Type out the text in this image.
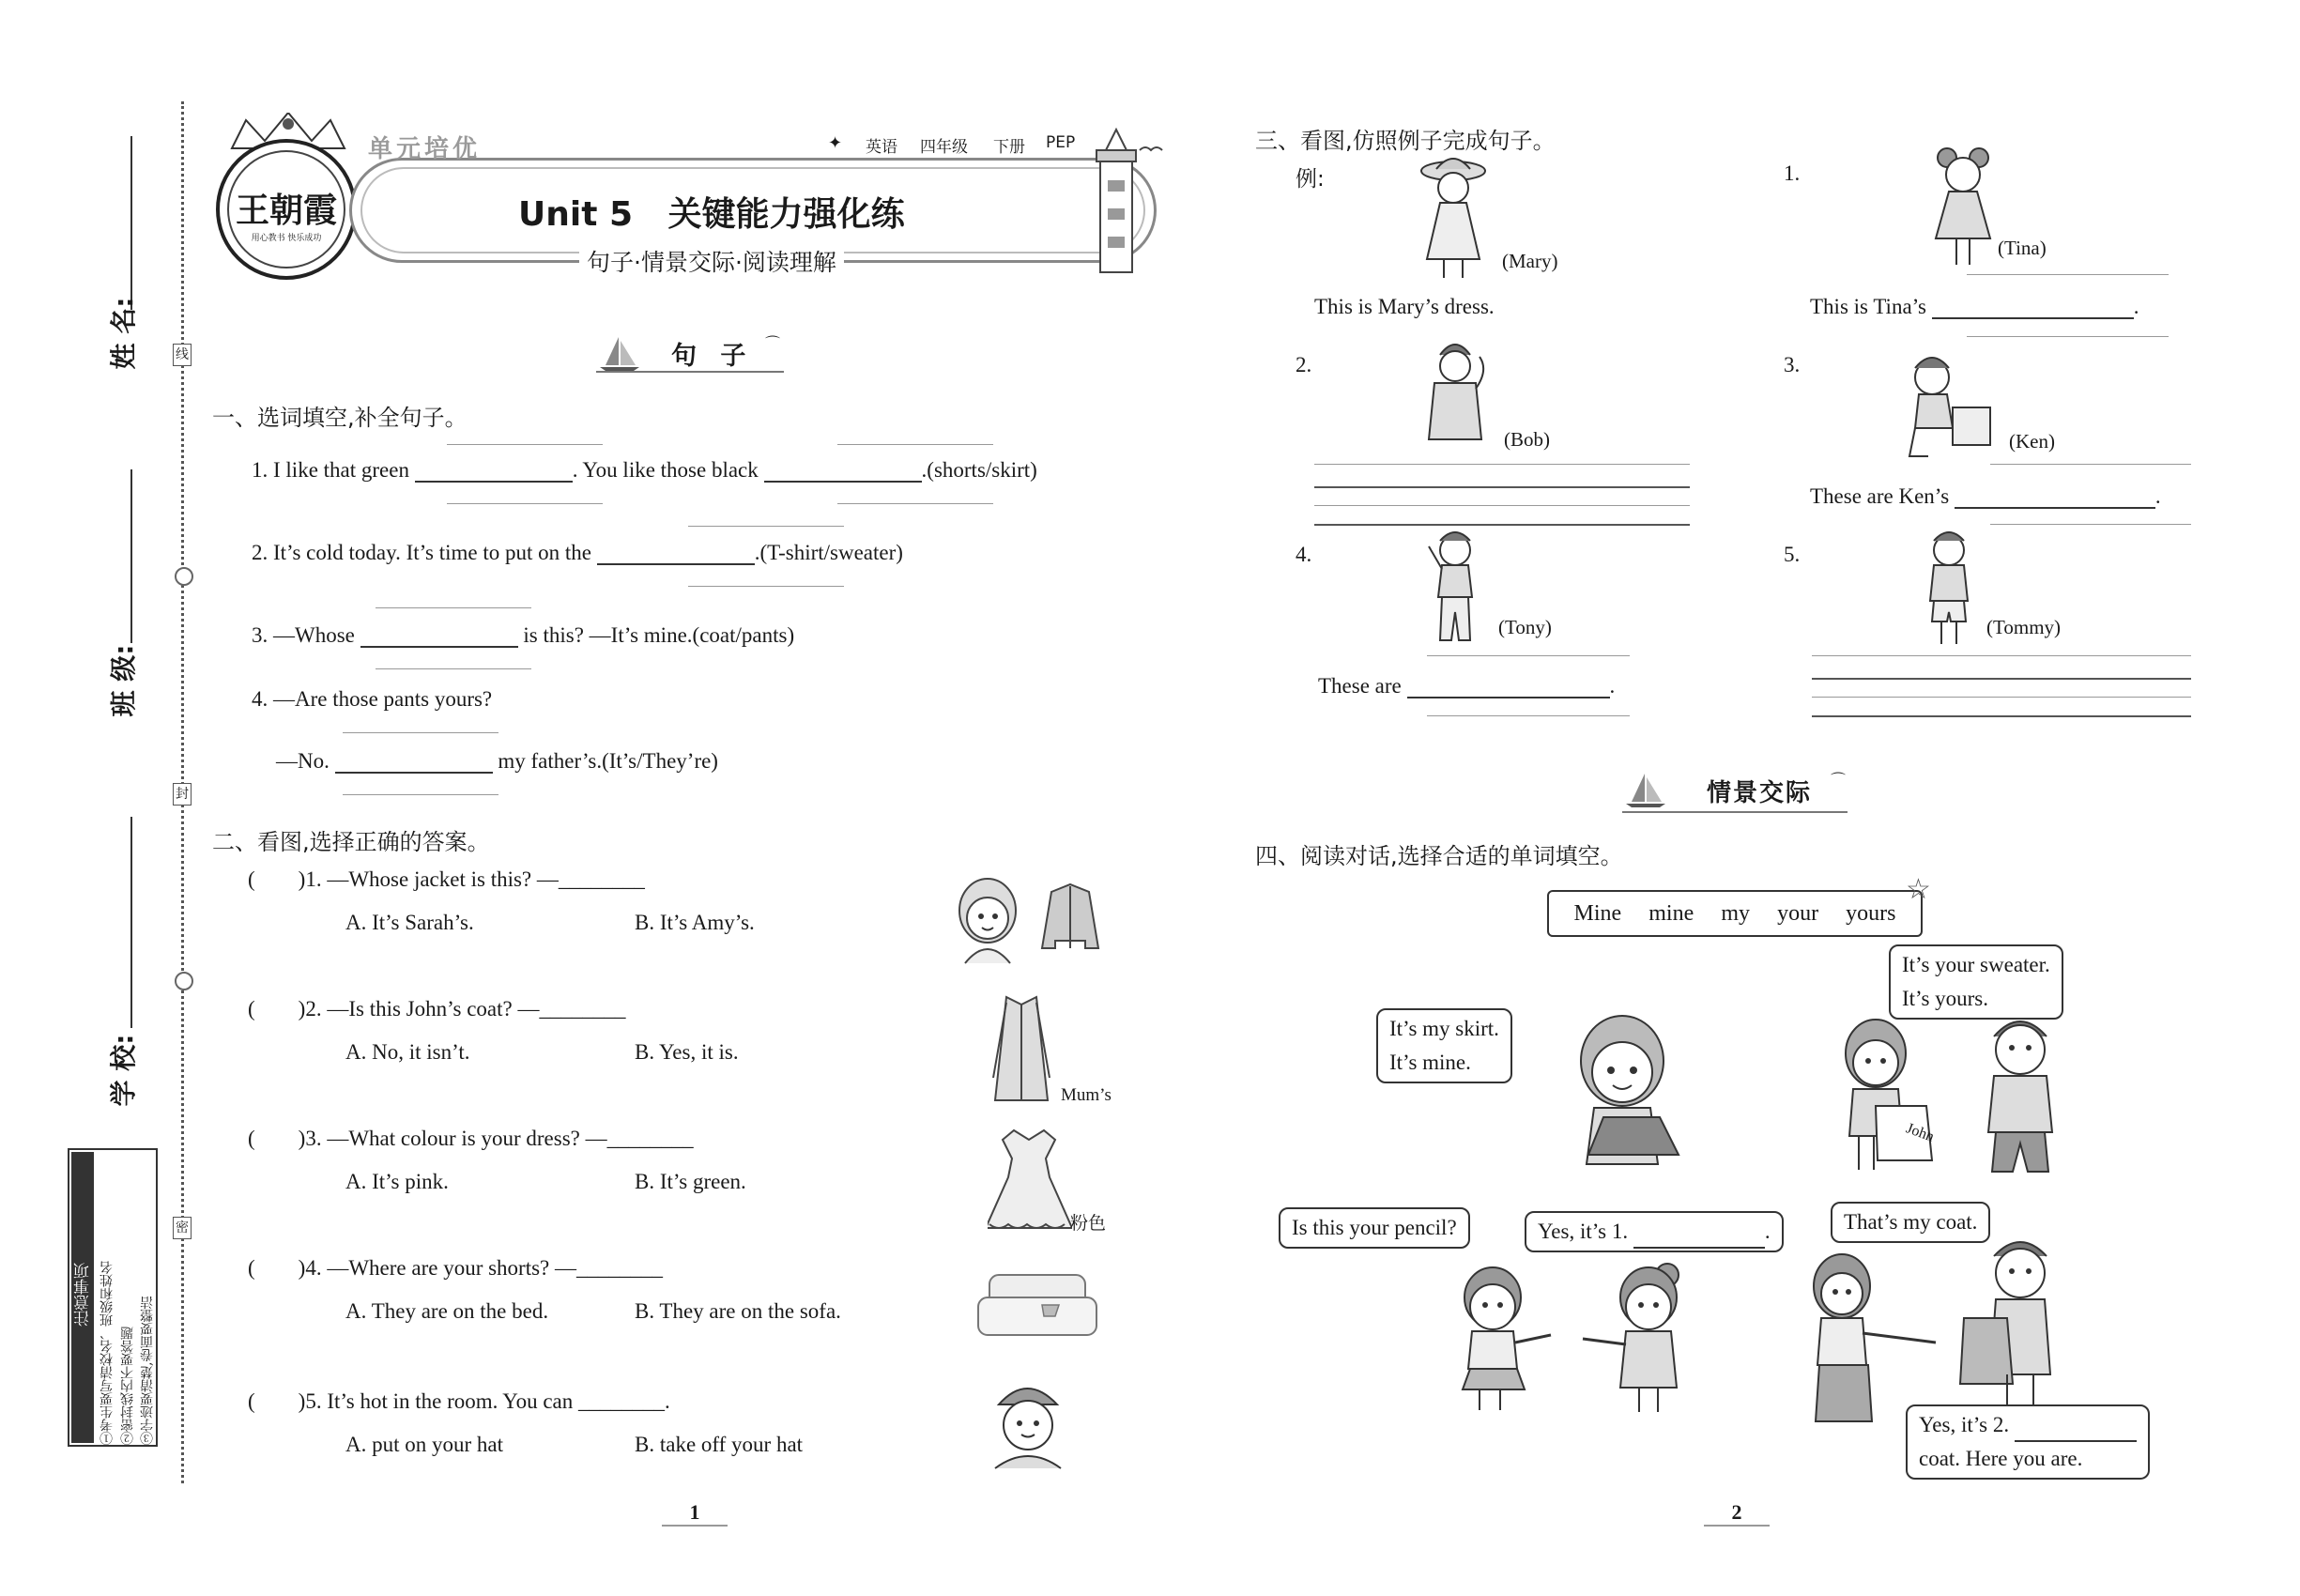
线
封
密
姓 名:
班 级:
学 校:
注意事项 ①考生要写清校名、班级和姓名 ②密封线内不要答题 ③字迹要清楚,卷面要整洁
王朝霞
用心教书 快乐成功
单元培优	✦ 英语 四年级 下册 PEP
Unit 5   关键能力强化练
句子·情景交际·阅读理解
句 子 ⌒
一、选词填空,补全句子。
1. I like that green	. You like those black	.(shorts/skirt)
2. It’s cold today. It’s time to put on the	.(T-shirt/sweater)
3. —Whose	is this? —It’s mine.(coat/pants)
4. —Are those pants yours?
—No.	my father’s.(It’s/They’re)
二、看图,选择正确的答案。
(        )1. —Whose jacket is this? —________
A. It’s Sarah’s.	B. It’s Amy’s.
(        )2. —Is this John’s coat? —________
A. No, it isn’t.	B. Yes, it is.
Mum’s
(        )3. —What colour is your dress? —________
A. It’s pink.	B. It’s green.
粉色
(        )4. —Where are your shorts? —________
A. They are on the bed.	B. They are on the sofa.
(        )5. It’s hot in the room. You can ________.
A. put on your hat	B. take off your hat
1
三、看图,仿照例子完成句子。
例:
(Mary)
This is Mary’s dress.
1.
(Tina)
This is Tina’s	.
2.
(Bob)
3.
(Ken)
These are Ken’s	.
4.
(Tony)
These are	.
5.
(Tommy)
情景交际 ⌒
四、阅读对话,选择合适的单词填空。
Mine mine my your yours
☆
It’s my skirt.
It’s mine.
It’s your sweater.
It’s yours.
John
Is this your pencil?	Yes, it’s 1.	.	That’s my coat.
Yes, it’s 2.
coat. Here you are.
2
